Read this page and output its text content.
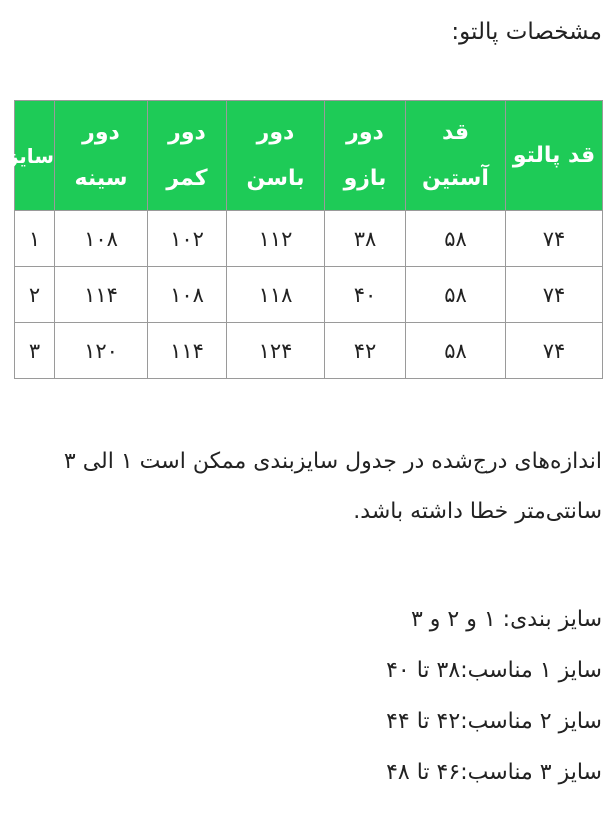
مشخصات پالتو:
قد پالتو	قد آستین	دور بازو	دور باسن	دور کمر	دور سینه	سایز
۷۴	۵۸	۳۸	۱۱۲	۱۰۲	۱۰۸	۱
۷۴	۵۸	۴۰	۱۱۸	۱۰۸	۱۱۴	۲
۷۴	۵۸	۴۲	۱۲۴	۱۱۴	۱۲۰	۳

اندازه‌های درج‌شده در جدول سایزبندی ممکن است ۱ الی ۳ سانتی‌متر خطا داشته باشد.

سایز بندی: ۱ و ۲ و ۳
سایز ۱ مناسب:۳۸ تا ۴۰
سایز ۲ مناسب:۴۲ تا ۴۴
سایز ۳ مناسب:۴۶ تا ۴۸
